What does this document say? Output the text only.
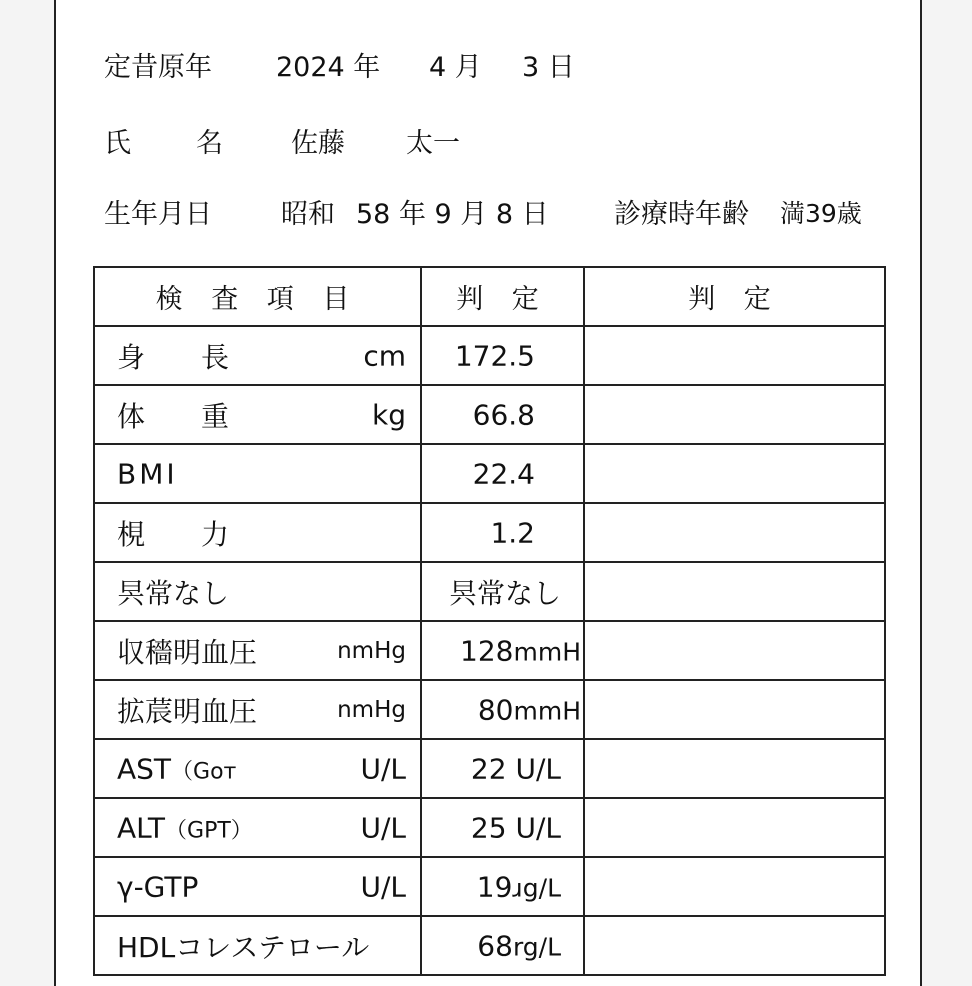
定昔原年 2024 年 4 月 3 日
氏 名	佐藤 太一
生年月日	昭和 58 年 9 月 8 日 診療時年齢 満39歳
検 査 項 目	判 定	判 定

身　　長 cm	172.5	

体　　重 kg	66.8	

BMI	22.4	

梘　　力	1.2	

昗常なし	昗常なし	

収穡明血圧 nmHg	128mmH	

拡莀明血圧 nmHg	80mmH	

AST（Gᴏᴛ U/L	22 U/L	

ALT（GPT） U/L	25 U/L	

γ-GTP U/L	19ɹg/L	

HDLコレステロール	68rg/L	
